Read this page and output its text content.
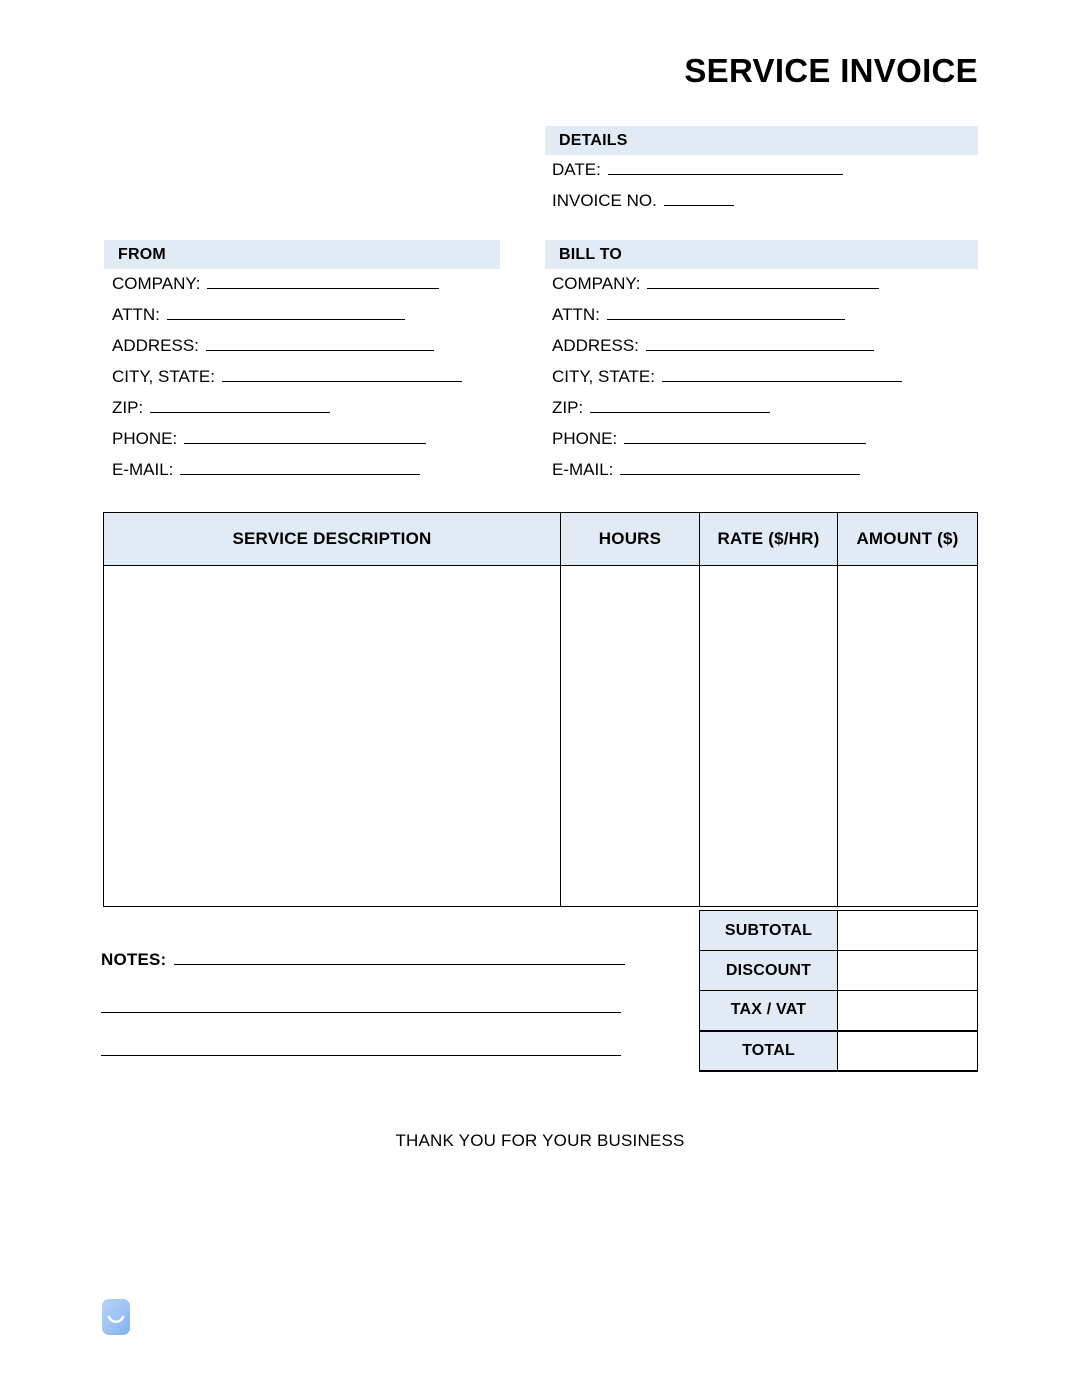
SERVICE INVOICE
DETAILS
DATE:
INVOICE NO.
FROM
COMPANY:
ATTN:
ADDRESS:
CITY, STATE:
ZIP:
PHONE:
E-MAIL:
BILL TO
COMPANY:
ATTN:
ADDRESS:
CITY, STATE:
ZIP:
PHONE:
E-MAIL:
SERVICE DESCRIPTION	HOURS	RATE ($/HR)	AMOUNT ($)

NOTES:
SUBTOTAL	
DISCOUNT	
TAX / VAT	
TOTAL	
THANK YOU FOR YOUR BUSINESS
